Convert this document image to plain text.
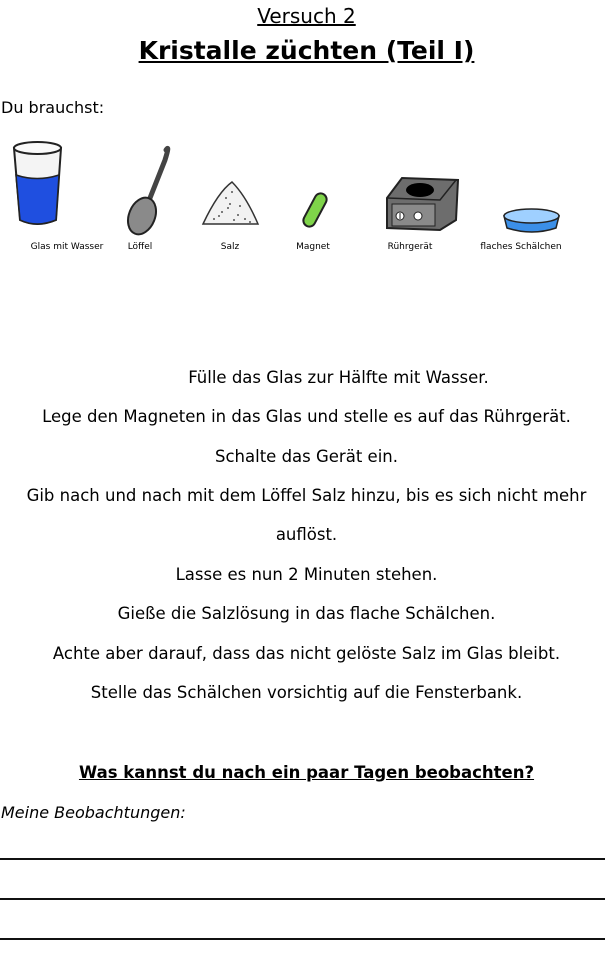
Versuch 2
Kristalle züchten (Teil I)
Du brauchst:
Glas mit Wasser	Löffel	Salz	Magnet	Rührgerät	flaches Schälchen
Fülle das Glas zur Hälfte mit Wasser.
Lege den Magneten in das Glas und stelle es auf das Rührgerät.
Schalte das Gerät ein.
Gib nach und nach mit dem Löffel Salz hinzu, bis es sich nicht mehr
auflöst.
Lasse es nun 2 Minuten stehen.
Gieße die Salzlösung in das flache Schälchen.
Achte aber darauf, dass das nicht gelöste Salz im Glas bleibt.
Stelle das Schälchen vorsichtig auf die Fensterbank.
Was kannst du nach ein paar Tagen beobachten?
Meine Beobachtungen:
